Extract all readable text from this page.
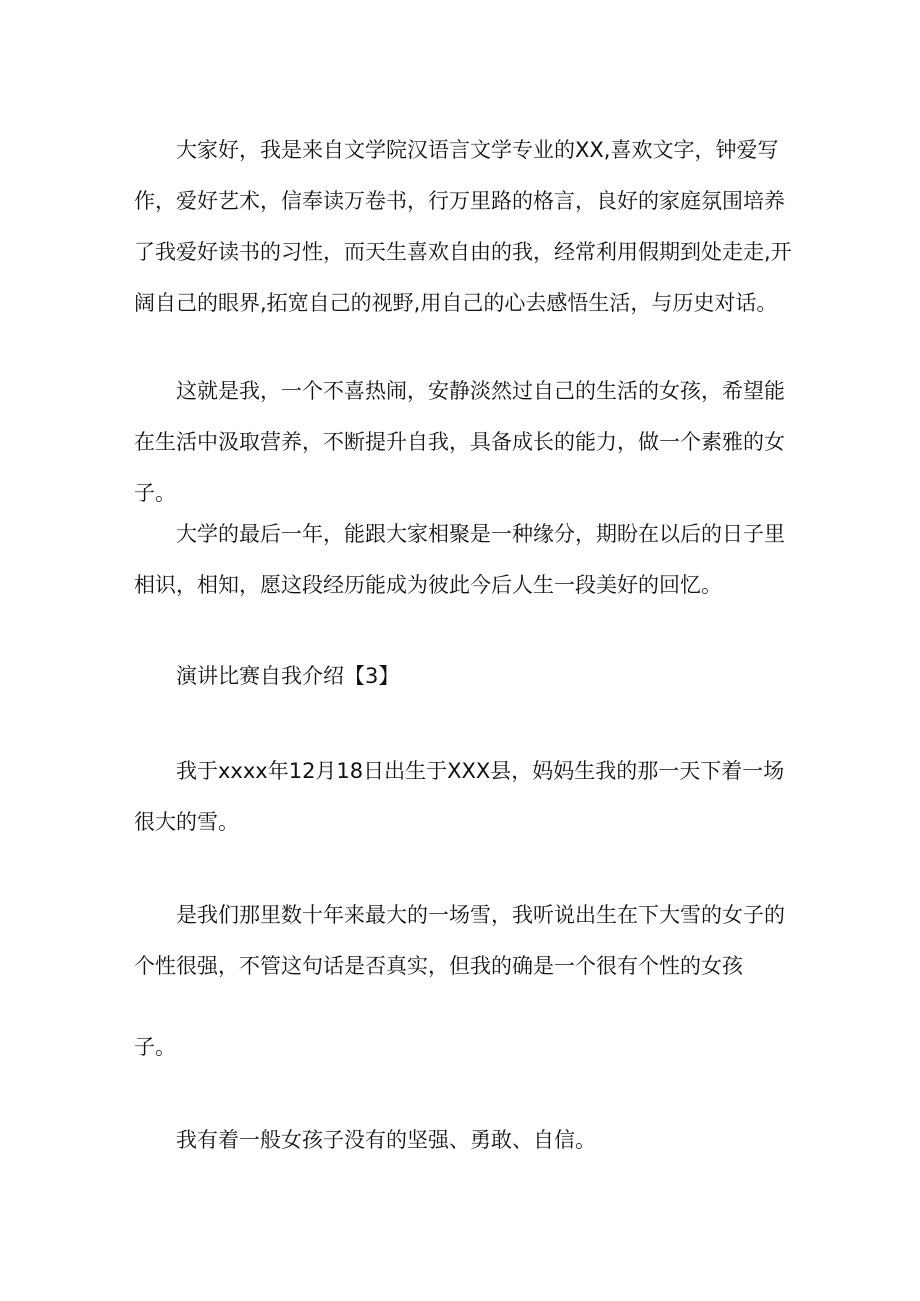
大家好，我是来自文学院汉语言文学专业的XX,喜欢文字，钟爱写作，爱好艺术，信奉读万卷书，行万里路的格言，良好的家庭氛围培养了我爱好读书的习性，而天生喜欢自由的我，经常利用假期到处走走,开阔自己的眼界,拓宽自己的视野,用自己的心去感悟生活，与历史对话。

这就是我，一个不喜热闹，安静淡然过自己的生活的女孩，希望能在生活中汲取营养，不断提升自我，具备成长的能力，做一个素雅的女子。

大学的最后一年，能跟大家相聚是一种缘分，期盼在以后的日子里相识，相知，愿这段经历能成为彼此今后人生一段美好的回忆。

演讲比赛自我介绍【3】

我于xxxx年12月18日出生于XXX县，妈妈生我的那一天下着一场很大的雪。

是我们那里数十年来最大的一场雪，我听说出生在下大雪的女子的个性很强，不管这句话是否真实，但我的确是一个很有个性的女孩

子。

我有着一般女孩子没有的坚强、勇敢、自信。
